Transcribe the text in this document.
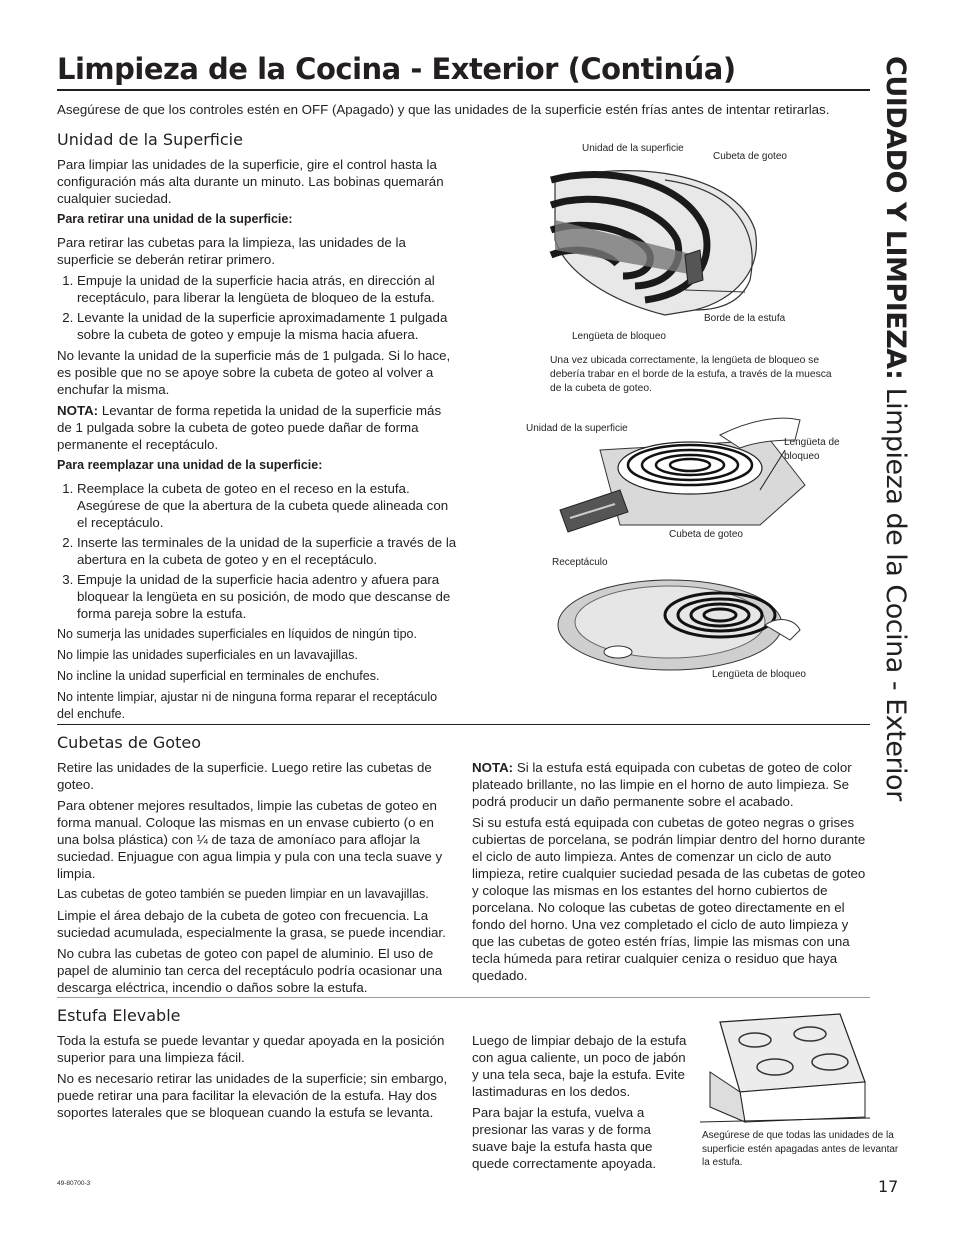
Limpieza de la Cocina - Exterior (Continúa)	CUIDADO Y LIMPIEZA: Limpieza de la Cocina - Exterior
Asegúrese de que los controles estén en OFF (Apagado) y que las unidades de la superficie estén frías antes de intentar retirarlas.
Unidad de la Superficie

Para limpiar las unidades de la superficie, gire el control hasta la configuración más alta durante un minuto. Las bobinas quemarán cualquier suciedad.

Para retirar una unidad de la superficie:

Para retirar las cubetas para la limpieza, las unidades de la superficie se deberán retirar primero.

1. Empuje la unidad de la superficie hacia atrás, en dirección al receptáculo, para liberar la lengüeta de bloqueo de la estufa.
2. Levante la unidad de la superficie aproximadamente 1 pulgada sobre la cubeta de goteo y empuje la misma hacia afuera.

No levante la unidad de la superficie más de 1 pulgada. Si lo hace, es posible que no se apoye sobre la cubeta de goteo al volver a enchufar la misma.

NOTA: Levantar de forma repetida la unidad de la superficie más de 1 pulgada sobre la cubeta de goteo puede dañar de forma permanente el receptáculo.

Para reemplazar una unidad de la superficie:

1. Reemplace la cubeta de goteo en el receso en la estufa. Asegúrese de que la abertura de la cubeta quede alineada con el receptáculo.
2. Inserte las terminales de la unidad de la superficie a través de la abertura en la cubeta de goteo y en el receptáculo.
3. Empuje la unidad de la superficie hacia adentro y afuera para bloquear la lengüeta en su posición, de modo que descanse de forma pareja sobre la estufa.

No sumerja las unidades superficiales en líquidos de ningún tipo.

No limpie las unidades superficiales en un lavavajillas.

No incline la unidad superficial en terminales de enchufes.

No intente limpiar, ajustar ni de ninguna forma reparar el receptáculo del enchufe.

Unidad de la superficie
Cubeta de goteo
Lengüeta de bloqueo
Borde de la estufa
Una vez ubicada correctamente, la lengüeta de bloqueo se debería trabar en el borde de la estufa, a través de la muesca de la cubeta de goteo.
Unidad de la superficie
Lengüeta de
bloqueo
Cubeta de goteo
Receptáculo
Lengüeta de bloqueo
Cubetas de Goteo

Retire las unidades de la superficie. Luego retire las cubetas de goteo.

Para obtener mejores resultados, limpie las cubetas de goteo en forma manual. Coloque las mismas en un envase cubierto (o en una bolsa plástica) con ¼ de taza de amoníaco para aflojar la suciedad. Enjuague con agua limpia y pula con una tecla suave y limpia.

Las cubetas de goteo también se pueden limpiar en un lavavajillas.

Limpie el área debajo de la cubeta de goteo con frecuencia. La suciedad acumulada, especialmente la grasa, se puede incendiar.

No cubra las cubetas de goteo con papel de aluminio. El uso de papel de aluminio tan cerca del receptáculo podría ocasionar una descarga eléctrica, incendio o daños sobre la estufa.

NOTA: Si la estufa está equipada con cubetas de goteo de color plateado brillante, no las limpie en el horno de auto limpieza. Se podrá producir un daño permanente sobre el acabado.

Si su estufa está equipada con cubetas de goteo negras o grises cubiertas de porcelana, se podrán limpiar dentro del horno durante el ciclo de auto limpieza. Antes de comenzar un ciclo de auto limpieza, retire cualquier suciedad pesada de las cubetas de goteo y coloque las mismas en los estantes del horno cubiertos de porcelana. No coloque las cubetas de goteo directamente en el fondo del horno. Una vez completado el ciclo de auto limpieza y que las cubetas de goteo estén frías, limpie las mismas con una tecla húmeda para retirar cualquier ceniza o residuo que haya quedado.

Estufa Elevable

Toda la estufa se puede levantar y quedar apoyada en la posición superior para una limpieza fácil.

No es necesario retirar las unidades de la superficie; sin embargo, puede retirar una para facilitar la elevación de la estufa. Hay dos soportes laterales que se bloquean cuando la estufa se levanta.

Luego de limpiar debajo de la estufa con agua caliente, un poco de jabón y una tela seca, baje la estufa. Evite lastimaduras en los dedos.

Para bajar la estufa, vuelva a presionar las varas y de forma suave baje la estufa hasta que quede correctamente apoyada.

Asegúrese de que todas las unidades de la superficie estén apagadas antes de levantar la estufa.
49-80700-3	17
